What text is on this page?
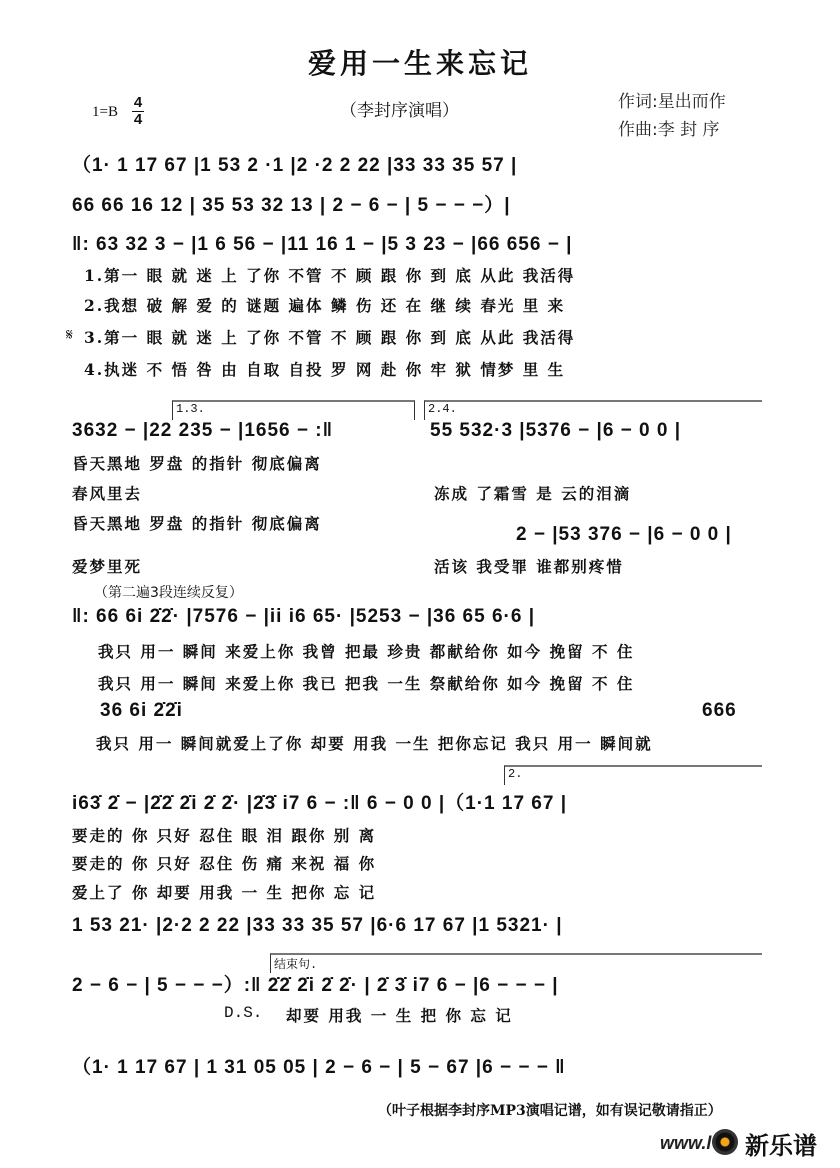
爱用一生来忘记
1=B
4
4	（李封序演唱）	作词:星出而作
作曲:李 封 序
（1· 1 17 67 |1 53 2 ·1 |2 ·2 2 22 |33 33 35 57 |
66 66 16 12 | 35 53 32 13 | 2 − 6 − | 5 − − −）|
‖: 63 32 3 − |1 6 56 − |11 16 1 − |5 3 23 − |66 656 − |
1.第一 眼 就 迷 上 了你 不管 不 顾 跟 你 到 底 从此 我活得
2.我想 破 解 爱 的 谜题 遍体 鳞 伤 还 在 继 续 春光 里 来
𝄋 3.第一 眼 就 迷 上 了你 不管 不 顾 跟 你 到 底 从此 我活得
4.执迷 不 悟 咎 由 自取 自投 罗 网 赴 你 牢 狱 情梦 里 生
1.3.	2.4.
3632 − |22 235 − |1656 − :‖	55 532·3 |5376 − |6 − 0 0 |
昏天黑地 罗盘 的指针 彻底偏离
春风里去	冻成 了霜雪 是 云的泪滴
昏天黑地 罗盘 的指针 彻底偏离
2 − |53 376 − |6 − 0 0 |
爱梦里死	活该 我受罪 谁都别疼惜
（第二遍3段连续反复）
‖: 66 6i 2̇2̇· |7576 − |ii i6 65· |5253 − |36 65 6·6 |
我只 用一 瞬间 来爱上你 我曾 把最 珍贵 都献给你 如今 挽留 不 住
我只 用一 瞬间 来爱上你 我已 把我 一生 祭献给你 如今 挽留 不 住
36 6i 2̇2̇i	666
我只 用一 瞬间就爱上了你 却要 用我 一生 把你忘记 我只 用一 瞬间就
2.
i63̇ 2̇ − |2̇2̇ 2̇i 2̇ 2̇· |2̇3̇ i7 6 − :‖ 6 − 0 0 |（1·1 17 67 |
要走的 你 只好 忍住 眼 泪 跟你 别 离
要走的 你 只好 忍住 伤 痛 来祝 福 你
爱上了 你 却要 用我 一 生 把你 忘 记
1 53 21· |2·2 2 22 |33 33 35 57 |6·6 17 67 |1 5321· |
结束句.
2 − 6 − | 5 − − −）:‖ 2̇2̇ 2̇i 2̇ 2̇· | 2̇ 3̇ i7 6 − |6 − − − |
D.S. 却要 用我 一 生 把 你 忘 记
（1· 1 17 67 | 1 31 05 05 | 2 − 6 − | 5 − 67 |6 − − − ‖
（叶子根据李封序MP3演唱记谱，如有误记敬请指正）
www.l 新乐谱
